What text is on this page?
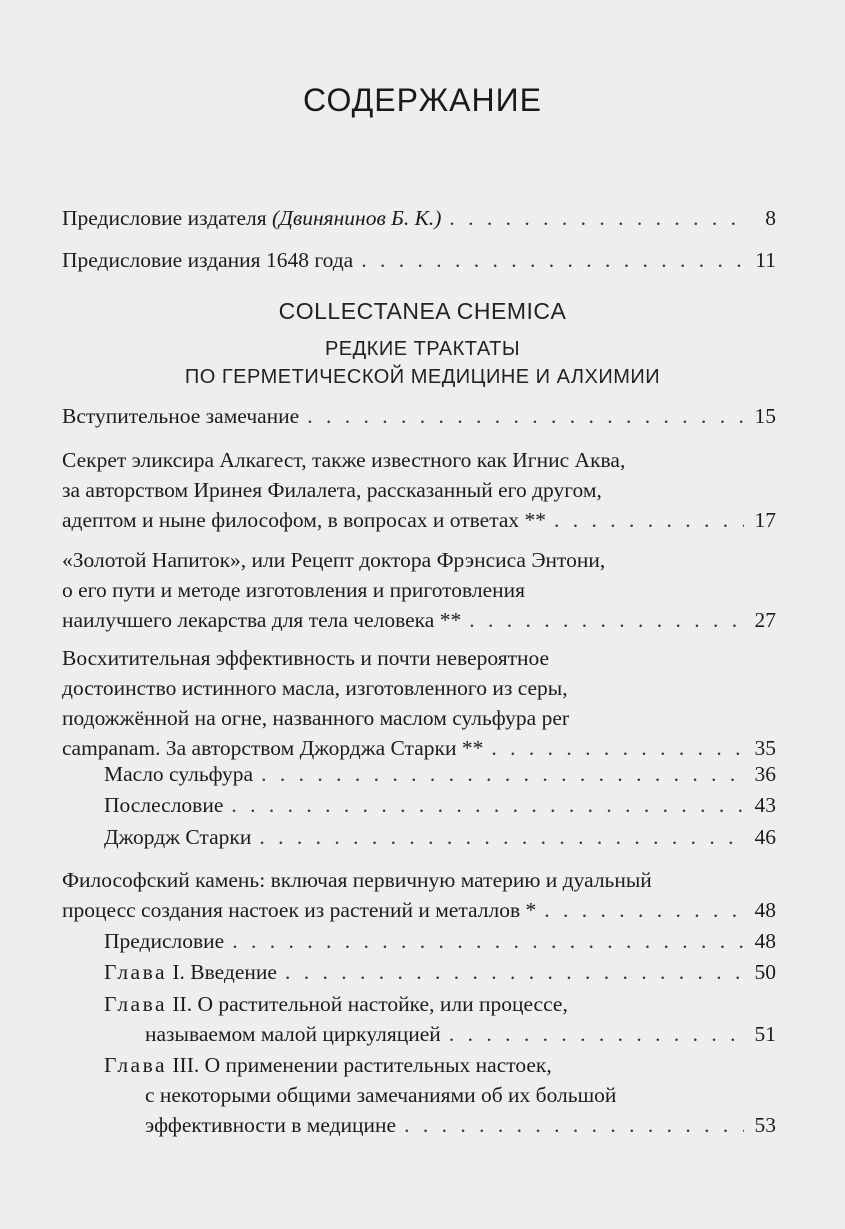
СОДЕРЖАНИЕ
Предисловие издателя (Двинянинов Б. К.) . . .	8
Предисловие издания 1648 года . . .	11
COLLECTANEA CHEMICA
РЕДКИЕ ТРАКТАТЫ
ПО ГЕРМЕТИЧЕСКОЙ МЕДИЦИНЕ И АЛХИМИИ
Вступительное замечание . . .	15
Секрет эликсира Алкагест, также известного как Игнис Аква,
за авторством Иринея Филалета, рассказанный его другом,
адептом и ныне философом, в вопросах и ответах ** . . .	17
«Золотой Напиток», или Рецепт доктора Фрэнсиса Энтони,
о его пути и методе изготовления и приготовления
наилучшего лекарства для тела человека ** . . .	27
Восхитительная эффективность и почти невероятное
достоинство истинного масла, изготовленного из серы,
подожжённой на огне, названного маслом сульфура per
campanam. За авторством Джорджа Старки ** . . .	35
Масло сульфура . . .	36
Послесловие . . .	43
Джордж Старки . . .	46
Философский камень: включая первичную материю и дуальный
процесс создания настоек из растений и металлов * . . .	48
Предисловие . . .	48
Глава I. Введение . . .	50
Глава II. О растительной настойке, или процессе,
называемом малой циркуляцией . . .	51
Глава III. О применении растительных настоек,
с некоторыми общими замечаниями об их большой
эффективности в медицине . . .	53
